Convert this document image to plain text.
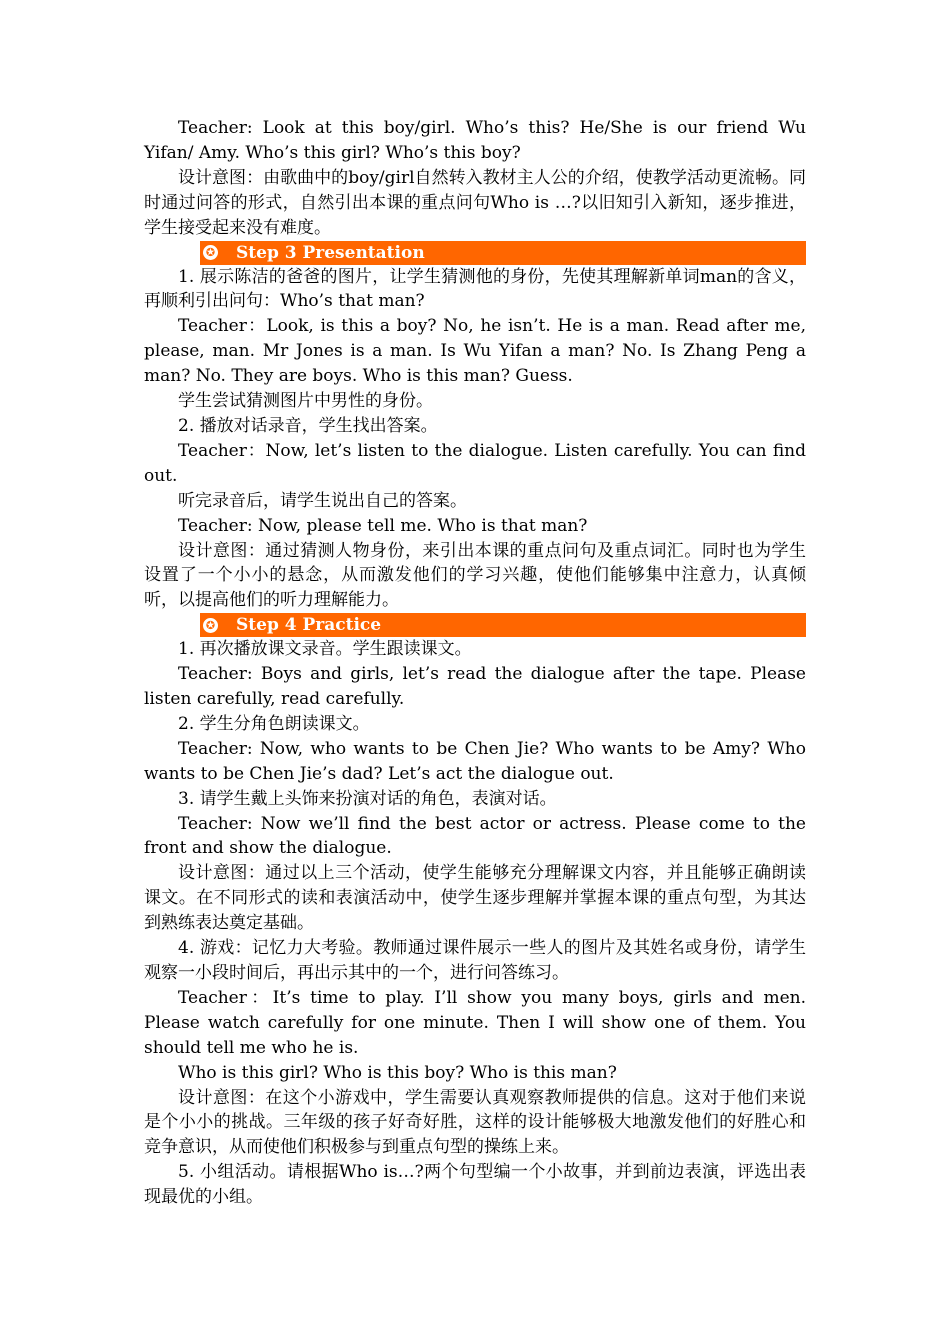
Teacher: Look at this boy/girl. Who’s this? He/She is our friend Wu Yifan/ Amy. Who’s this girl? Who’s this boy?

设计意图：由歌曲中的boy/girl自然转入教材主人公的介绍，使教学活动更流畅。同时通过问答的形式，自然引出本课的重点问句Who is …?以旧知引入新知，逐步推进，学生接受起来没有难度。

✪ Step 3 Presentation

1. 展示陈洁的爸爸的图片，让学生猜测他的身份，先使其理解新单词man的含义，再顺利引出问句：Who’s that man?

Teacher：Look, is this a boy? No, he isn’t. He is a man. Read after me, please, man. Mr Jones is a man. Is Wu Yifan a man? No. Is Zhang Peng a man? No. They are boys. Who is this man? Guess.

学生尝试猜测图片中男性的身份。

2. 播放对话录音，学生找出答案。

Teacher：Now, let’s listen to the dialogue. Listen carefully. You can find out.

听完录音后，请学生说出自己的答案。

Teacher: Now, please tell me. Who is that man?

设计意图：通过猜测人物身份，来引出本课的重点问句及重点词汇。同时也为学生设置了一个小小的悬念，从而激发他们的学习兴趣，使他们能够集中注意力，认真倾听，以提高他们的听力理解能力。

✪ Step 4 Practice

1. 再次播放课文录音。学生跟读课文。

Teacher: Boys and girls, let’s read the dialogue after the tape. Please listen carefully, read carefully.

2. 学生分角色朗读课文。

Teacher: Now, who wants to be Chen Jie? Who wants to be Amy? Who wants to be Chen Jie’s dad? Let’s act the dialogue out.

3. 请学生戴上头饰来扮演对话的角色，表演对话。

Teacher: Now we’ll find the best actor or actress. Please come to the front and show the dialogue.

设计意图：通过以上三个活动，使学生能够充分理解课文内容，并且能够正确朗读课文。在不同形式的读和表演活动中，使学生逐步理解并掌握本课的重点句型，为其达到熟练表达奠定基础。

4. 游戏：记忆力大考验。教师通过课件展示一些人的图片及其姓名或身份，请学生观察一小段时间后，再出示其中的一个，进行问答练习。

Teacher：It’s time to play. I’ll show you many boys, girls and men. Please watch carefully for one minute. Then I will show one of them. You should tell me who he is.

Who is this girl? Who is this boy? Who is this man?

设计意图：在这个小游戏中，学生需要认真观察教师提供的信息。这对于他们来说是个小小的挑战。三年级的孩子好奇好胜，这样的设计能够极大地激发他们的好胜心和竞争意识，从而使他们积极参与到重点句型的操练上来。

5. 小组活动。请根据Who is…?两个句型编一个小故事，并到前边表演，评选出表现最优的小组。
